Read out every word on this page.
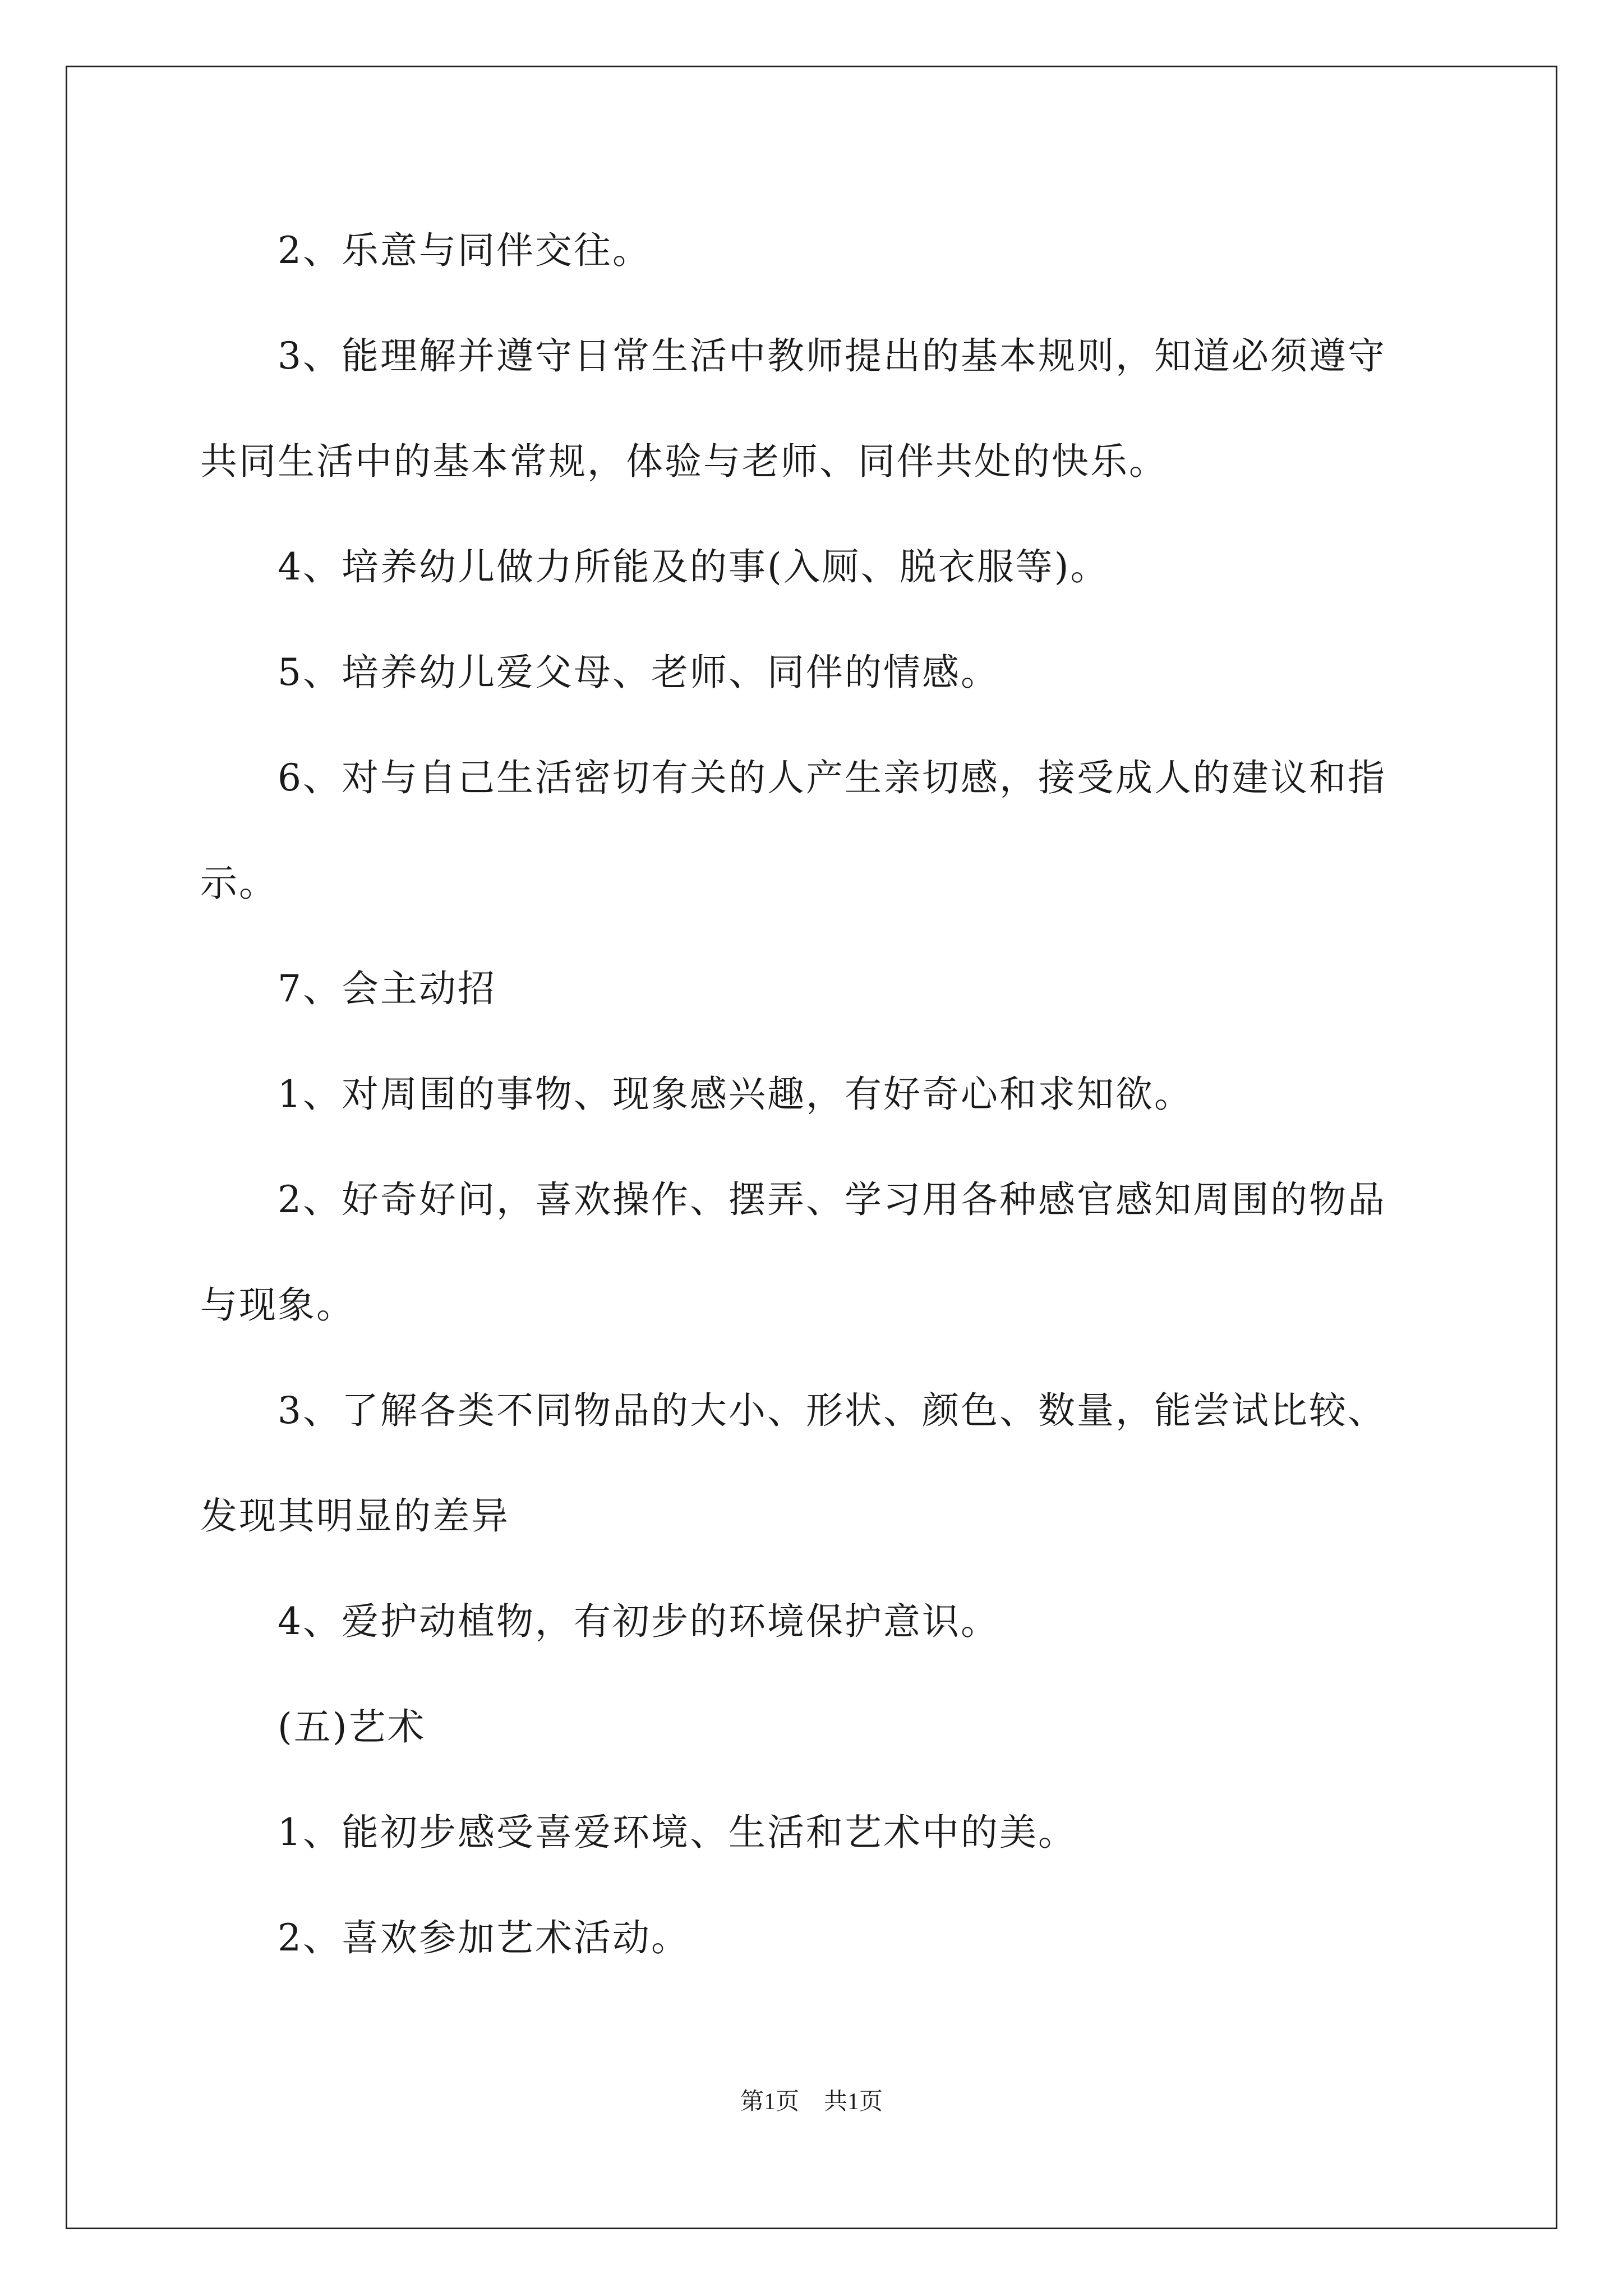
2、乐意与同伴交往。
3、能理解并遵守日常生活中教师提出的基本规则，知道必须遵守
共同生活中的基本常规，体验与老师、同伴共处的快乐。
4、培养幼儿做力所能及的事(入厕、脱衣服等)。
5、培养幼儿爱父母、老师、同伴的情感。
6、对与自己生活密切有关的人产生亲切感，接受成人的建议和指
示。
7、会主动招
1、对周围的事物、现象感兴趣，有好奇心和求知欲。
2、好奇好问，喜欢操作、摆弄、学习用各种感官感知周围的物品
与现象。
3、了解各类不同物品的大小、形状、颜色、数量，能尝试比较、
发现其明显的差异
4、爱护动植物，有初步的环境保护意识。
(五)艺术
1、能初步感受喜爱环境、生活和艺术中的美。
2、喜欢参加艺术活动。
第1页 共1页
